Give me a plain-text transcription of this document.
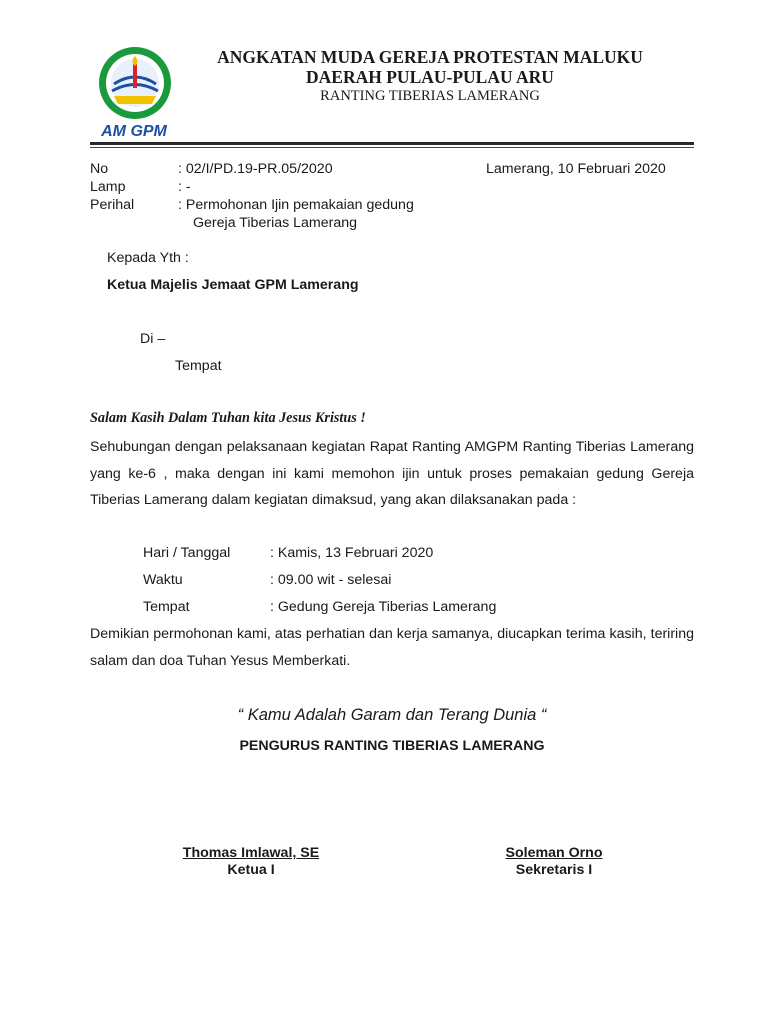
AM GPM
ANGKATAN MUDA GEREJA PROTESTAN MALUKU
DAERAH PULAU-PULAU ARU
RANTING TIBERIAS LAMERANG
No	: 02/I/PD.19-PR.05/2020	Lamerang, 10 Februari 2020
Lamp	: -
Perihal	: Permohonan Ijin pemakaian gedung
Gereja Tiberias Lamerang
Kepada Yth :
Ketua Majelis Jemaat GPM Lamerang
Di –
Tempat
Salam Kasih Dalam Tuhan kita Jesus Kristus !
Sehubungan dengan pelaksanaan kegiatan Rapat Ranting AMGPM Ranting Tiberias Lamerang yang ke-6 , maka dengan ini kami memohon ijin untuk proses pemakaian gedung Gereja Tiberias Lamerang dalam kegiatan dimaksud, yang akan dilaksanakan pada :
Hari / Tanggal	: Kamis, 13 Februari 2020
Waktu	: 09.00 wit - selesai
Tempat	: Gedung Gereja Tiberias Lamerang
Demikian permohonan kami, atas perhatian dan kerja samanya, diucapkan terima kasih, teriring salam dan doa Tuhan Yesus Memberkati.
“ Kamu Adalah Garam dan Terang Dunia “
PENGURUS RANTING TIBERIAS LAMERANG
Thomas Imlawal, SE
Ketua I
Soleman Orno
Sekretaris I
